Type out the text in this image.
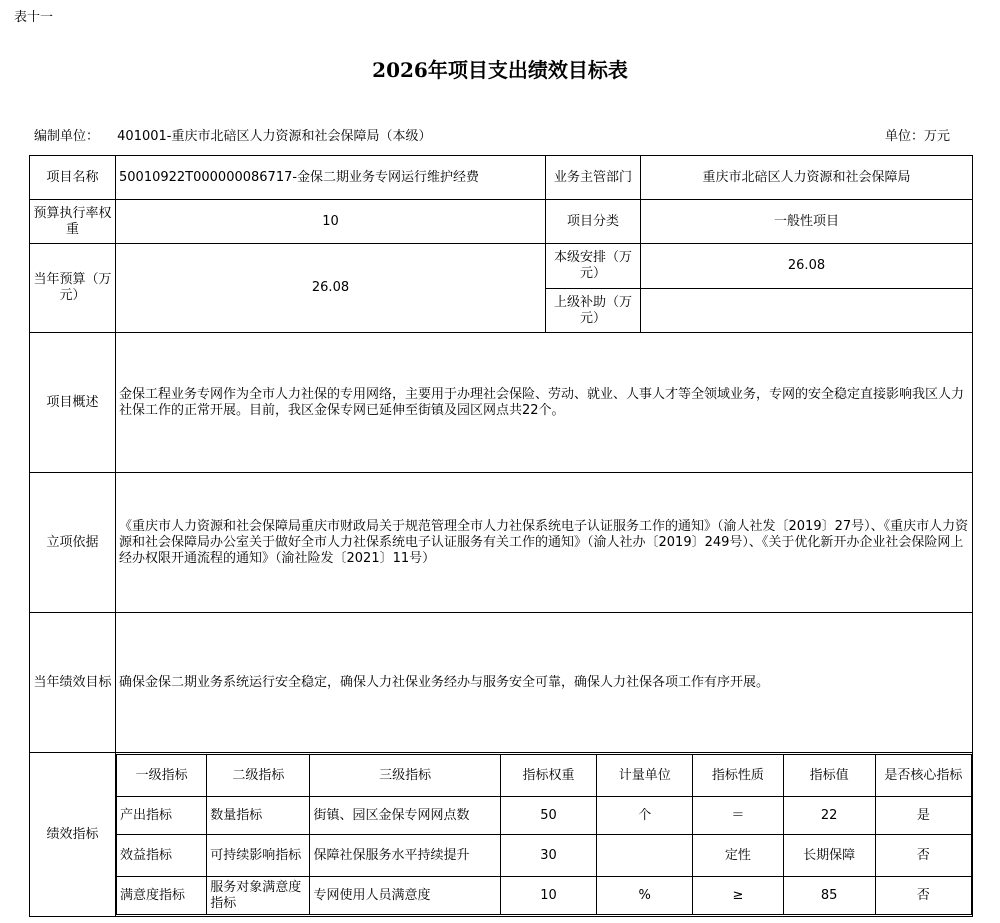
表十一
2026年项目支出绩效目标表
编制单位： 401001-重庆市北碚区人力资源和社会保障局（本级）	单位：万元
项目名称	50010922T000000086717-金保二期业务专网运行维护经费	业务主管部门	重庆市北碚区人力资源和社会保障局
预算执行率权重	10	项目分类	一般性项目
当年预算（万元）	26.08	本级安排（万元）	26.08
上级补助（万元）	
项目概述	金保工程业务专网作为全市人力社保的专用网络，主要用于办理社会保险、劳动、就业、人事人才等全领域业务，专网的安全稳定直接影响我区人力社保工作的正常开展。目前，我区金保专网已延伸至街镇及园区网点共22个。
立项依据	《重庆市人力资源和社会保障局重庆市财政局关于规范管理全市人力社保系统电子认证服务工作的通知》（渝人社发〔2019〕27号）、《重庆市人力资源和社会保障局办公室关于做好全市人力社保系统电子认证服务有关工作的通知》（渝人社办〔2019〕249号）、《关于优化新开办企业社会保险网上经办权限开通流程的通知》（渝社险发〔2021〕11号）
当年绩效目标	确保金保二期业务系统运行安全稳定，确保人力社保业务经办与服务安全可靠，确保人力社保各项工作有序开展。
绩效指标	
一级指标	二级指标	三级指标	指标权重	计量单位	指标性质	指标值	是否核心指标
产出指标	数量指标	街镇、园区金保专网网点数	50	个	＝	22	是
效益指标	可持续影响指标	保障社保服务水平持续提升	30		定性	长期保障	否
满意度指标	服务对象满意度指标	专网使用人员满意度	10	%	≥	85	否
